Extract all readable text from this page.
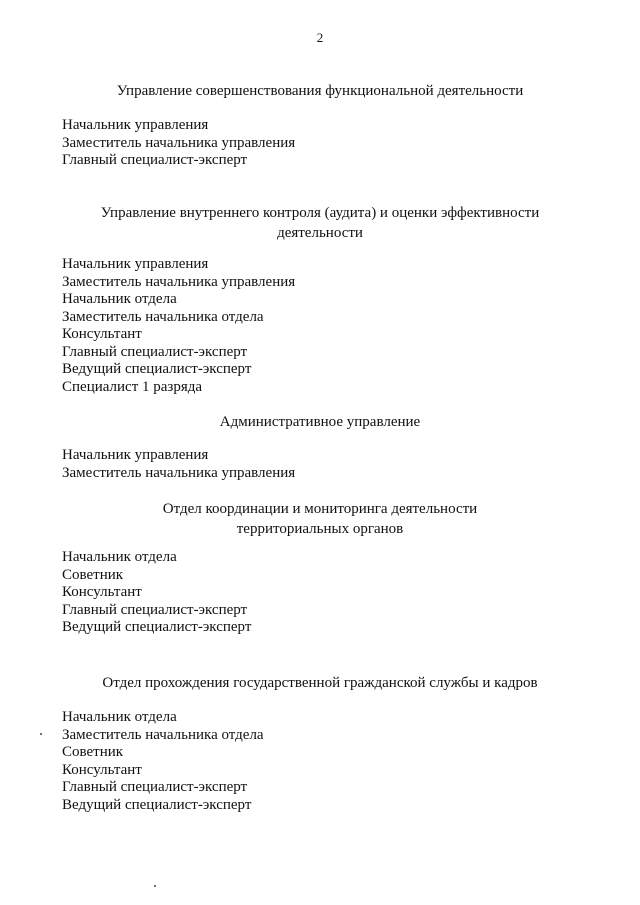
2
Управление совершенствования функциональной деятельности
Начальник управления
Заместитель начальника управления
Главный специалист-эксперт
Управление внутреннего контроля (аудита) и оценки эффективности
деятельности
Начальник управления
Заместитель начальника управления
Начальник отдела
Заместитель начальника отдела
Консультант
Главный специалист-эксперт
Ведущий специалист-эксперт
Специалист 1 разряда
Административное управление
Начальник управления
Заместитель начальника управления
Отдел координации и мониторинга деятельности
территориальных органов
Начальник отдела
Советник
Консультант
Главный специалист-эксперт
Ведущий специалист-эксперт
Отдел прохождения государственной гражданской службы и кадров
Начальник отдела
Заместитель начальника отдела
Советник
Консультант
Главный специалист-эксперт
Ведущий специалист-эксперт
